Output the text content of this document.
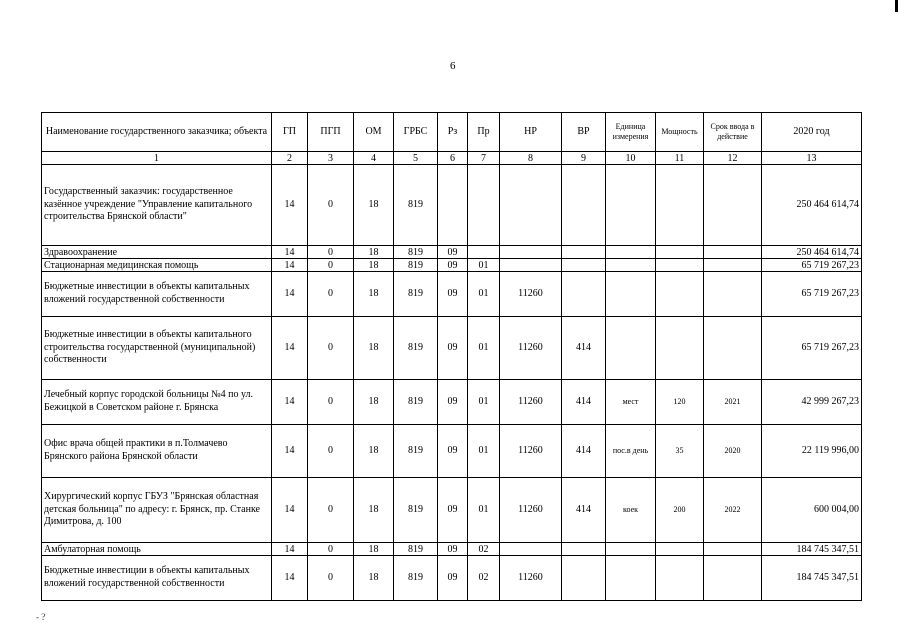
6
Наименование государственного заказчика; объекта	ГП	ПГП	ОМ	ГРБС	Рз	Пр	НР	ВР	Единица измерения	Мощность	Срок ввода в действие	2020 год
1	2	3	4	5	6	7	8	9	10	11	12	13
Государственный заказчик: государственное казённое учреждение "Управление капитального строительства Брянской области"	14	0	18	819								250 464 614,74
Здравоохранение	14	0	18	819	09							250 464 614,74
Стационарная медицинская помощь	14	0	18	819	09	01						65 719 267,23
Бюджетные инвестиции в объекты капитальных вложений государственной собственности	14	0	18	819	09	01	11260					65 719 267,23
Бюджетные инвестиции в объекты капитального строительства государственной (муниципальной) собственности	14	0	18	819	09	01	11260	414				65 719 267,23
Лечебный корпус городской больницы №4 по ул. Бежицкой в Советском районе г. Брянска	14	0	18	819	09	01	11260	414	мест	120	2021	42 999 267,23
Офис врача общей практики в п.Толмачево Брянского района Брянской области	14	0	18	819	09	01	11260	414	пос.в день	35	2020	22 119 996,00
Хирургический корпус ГБУЗ "Брянская областная детская больница" по адресу: г. Брянск, пр. Станке Димитрова, д. 100	14	0	18	819	09	01	11260	414	коек	200	2022	600 004,00
Амбулаторная помощь	14	0	18	819	09	02						184 745 347,51
Бюджетные инвестиции в объекты капитальных вложений государственной собственности	14	0	18	819	09	02	11260					184 745 347,51
- ?
